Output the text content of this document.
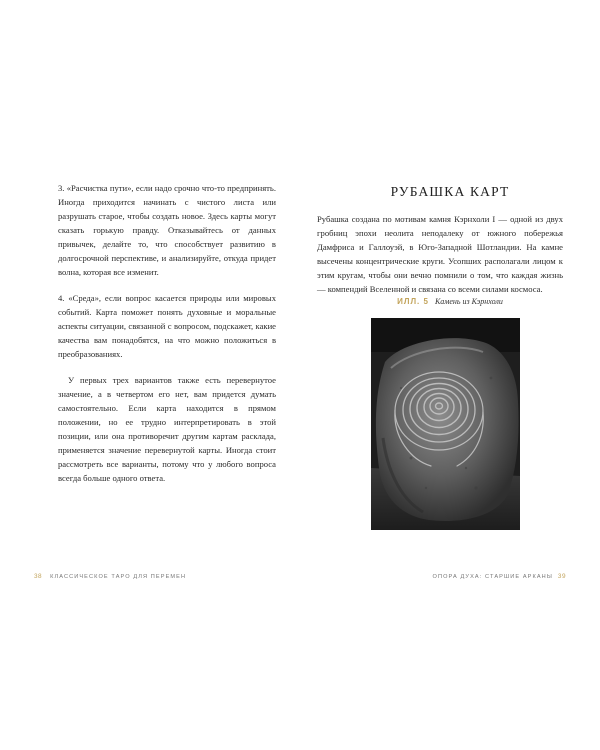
3. «Расчистка пути», если надо срочно что-то предпринять. Иногда приходится начинать с чистого листа или разрушать старое, чтобы создать новое. Здесь карты могут сказать горькую правду. Отказывайтесь от данных привычек, делайте то, что способствует развитию в долгосрочной перспективе, и анализируйте, откуда придет волна, которая все изменит.

4. «Среда», если вопрос касается природы или мировых событий. Карта поможет понять духовные и моральные аспекты ситуации, связанной с вопросом, подскажет, какие качества вам понадобятся, на что можно положиться в преобразованиях.

У первых трех вариантов также есть перевернутое значение, а в четвертом его нет, вам придется думать самостоятельно. Если карта находится в прямом положении, но ее трудно интерпретировать в этой позиции, или она противоречит другим картам расклада, применяется значение перевернутой карты. Иногда стоит рассмотреть все варианты, потому что у любого вопроса всегда больше одного ответа.

38 КЛАССИЧЕСКОЕ ТАРО ДЛЯ ПЕРЕМЕН
РУБАШКА КАРТ

Рубашка создана по мотивам камня Кэрнхоли I — одной из двух гробниц эпохи неолита неподалеку от южного побережья Дамфриса и Галлоуэй, в Юго-Западной Шотландии. На камне высечены концентрические круги. Усопших располагали лицом к этим кругам, чтобы они вечно помнили о том, что каждая жизнь — компендий Вселенной и связана со всеми силами космоса.

ИЛЛ. 5 Камень из Кэрнхоли
ОПОРА ДУХА: СТАРШИЕ АРКАНЫ 39
